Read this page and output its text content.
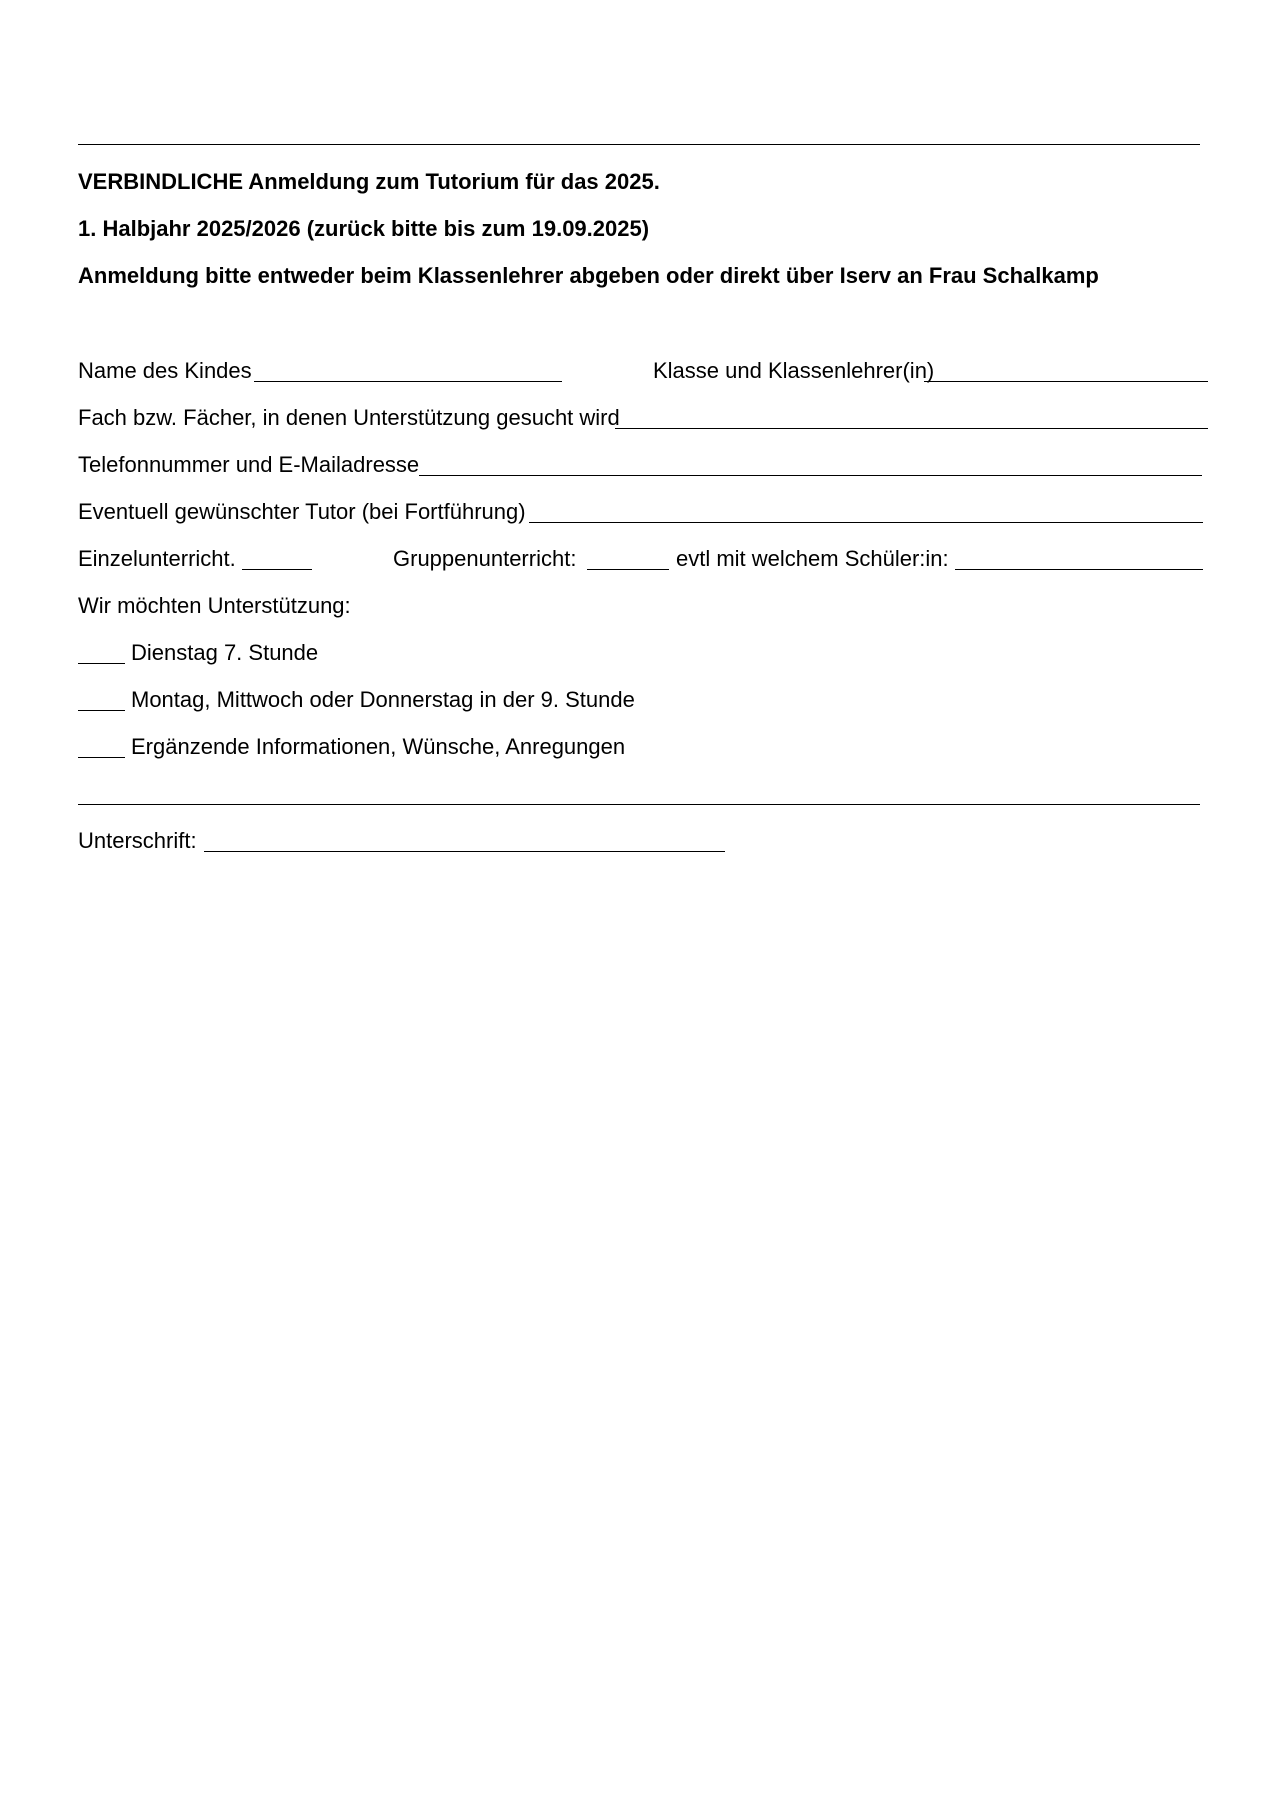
VERBINDLICHE Anmeldung zum Tutorium für das 2025.
1. Halbjahr 2025/2026 (zurück bitte bis zum 19.09.2025)
Anmeldung bitte entweder beim Klassenlehrer abgeben oder direkt über Iserv an Frau Schalkamp
Name des Kindes	Klasse und Klassenlehrer(in)
Fach bzw. Fächer, in denen Unterstützung gesucht wird
Telefonnummer und E-Mailadresse
Eventuell gewünschter Tutor (bei Fortführung)
Einzelunterricht.	Gruppenunterricht:	evtl mit welchem Schüler:in:
Wir möchten Unterstützung:
Dienstag 7. Stunde
Montag, Mittwoch oder Donnerstag in der 9. Stunde
Ergänzende Informationen, Wünsche, Anregungen
Unterschrift:
